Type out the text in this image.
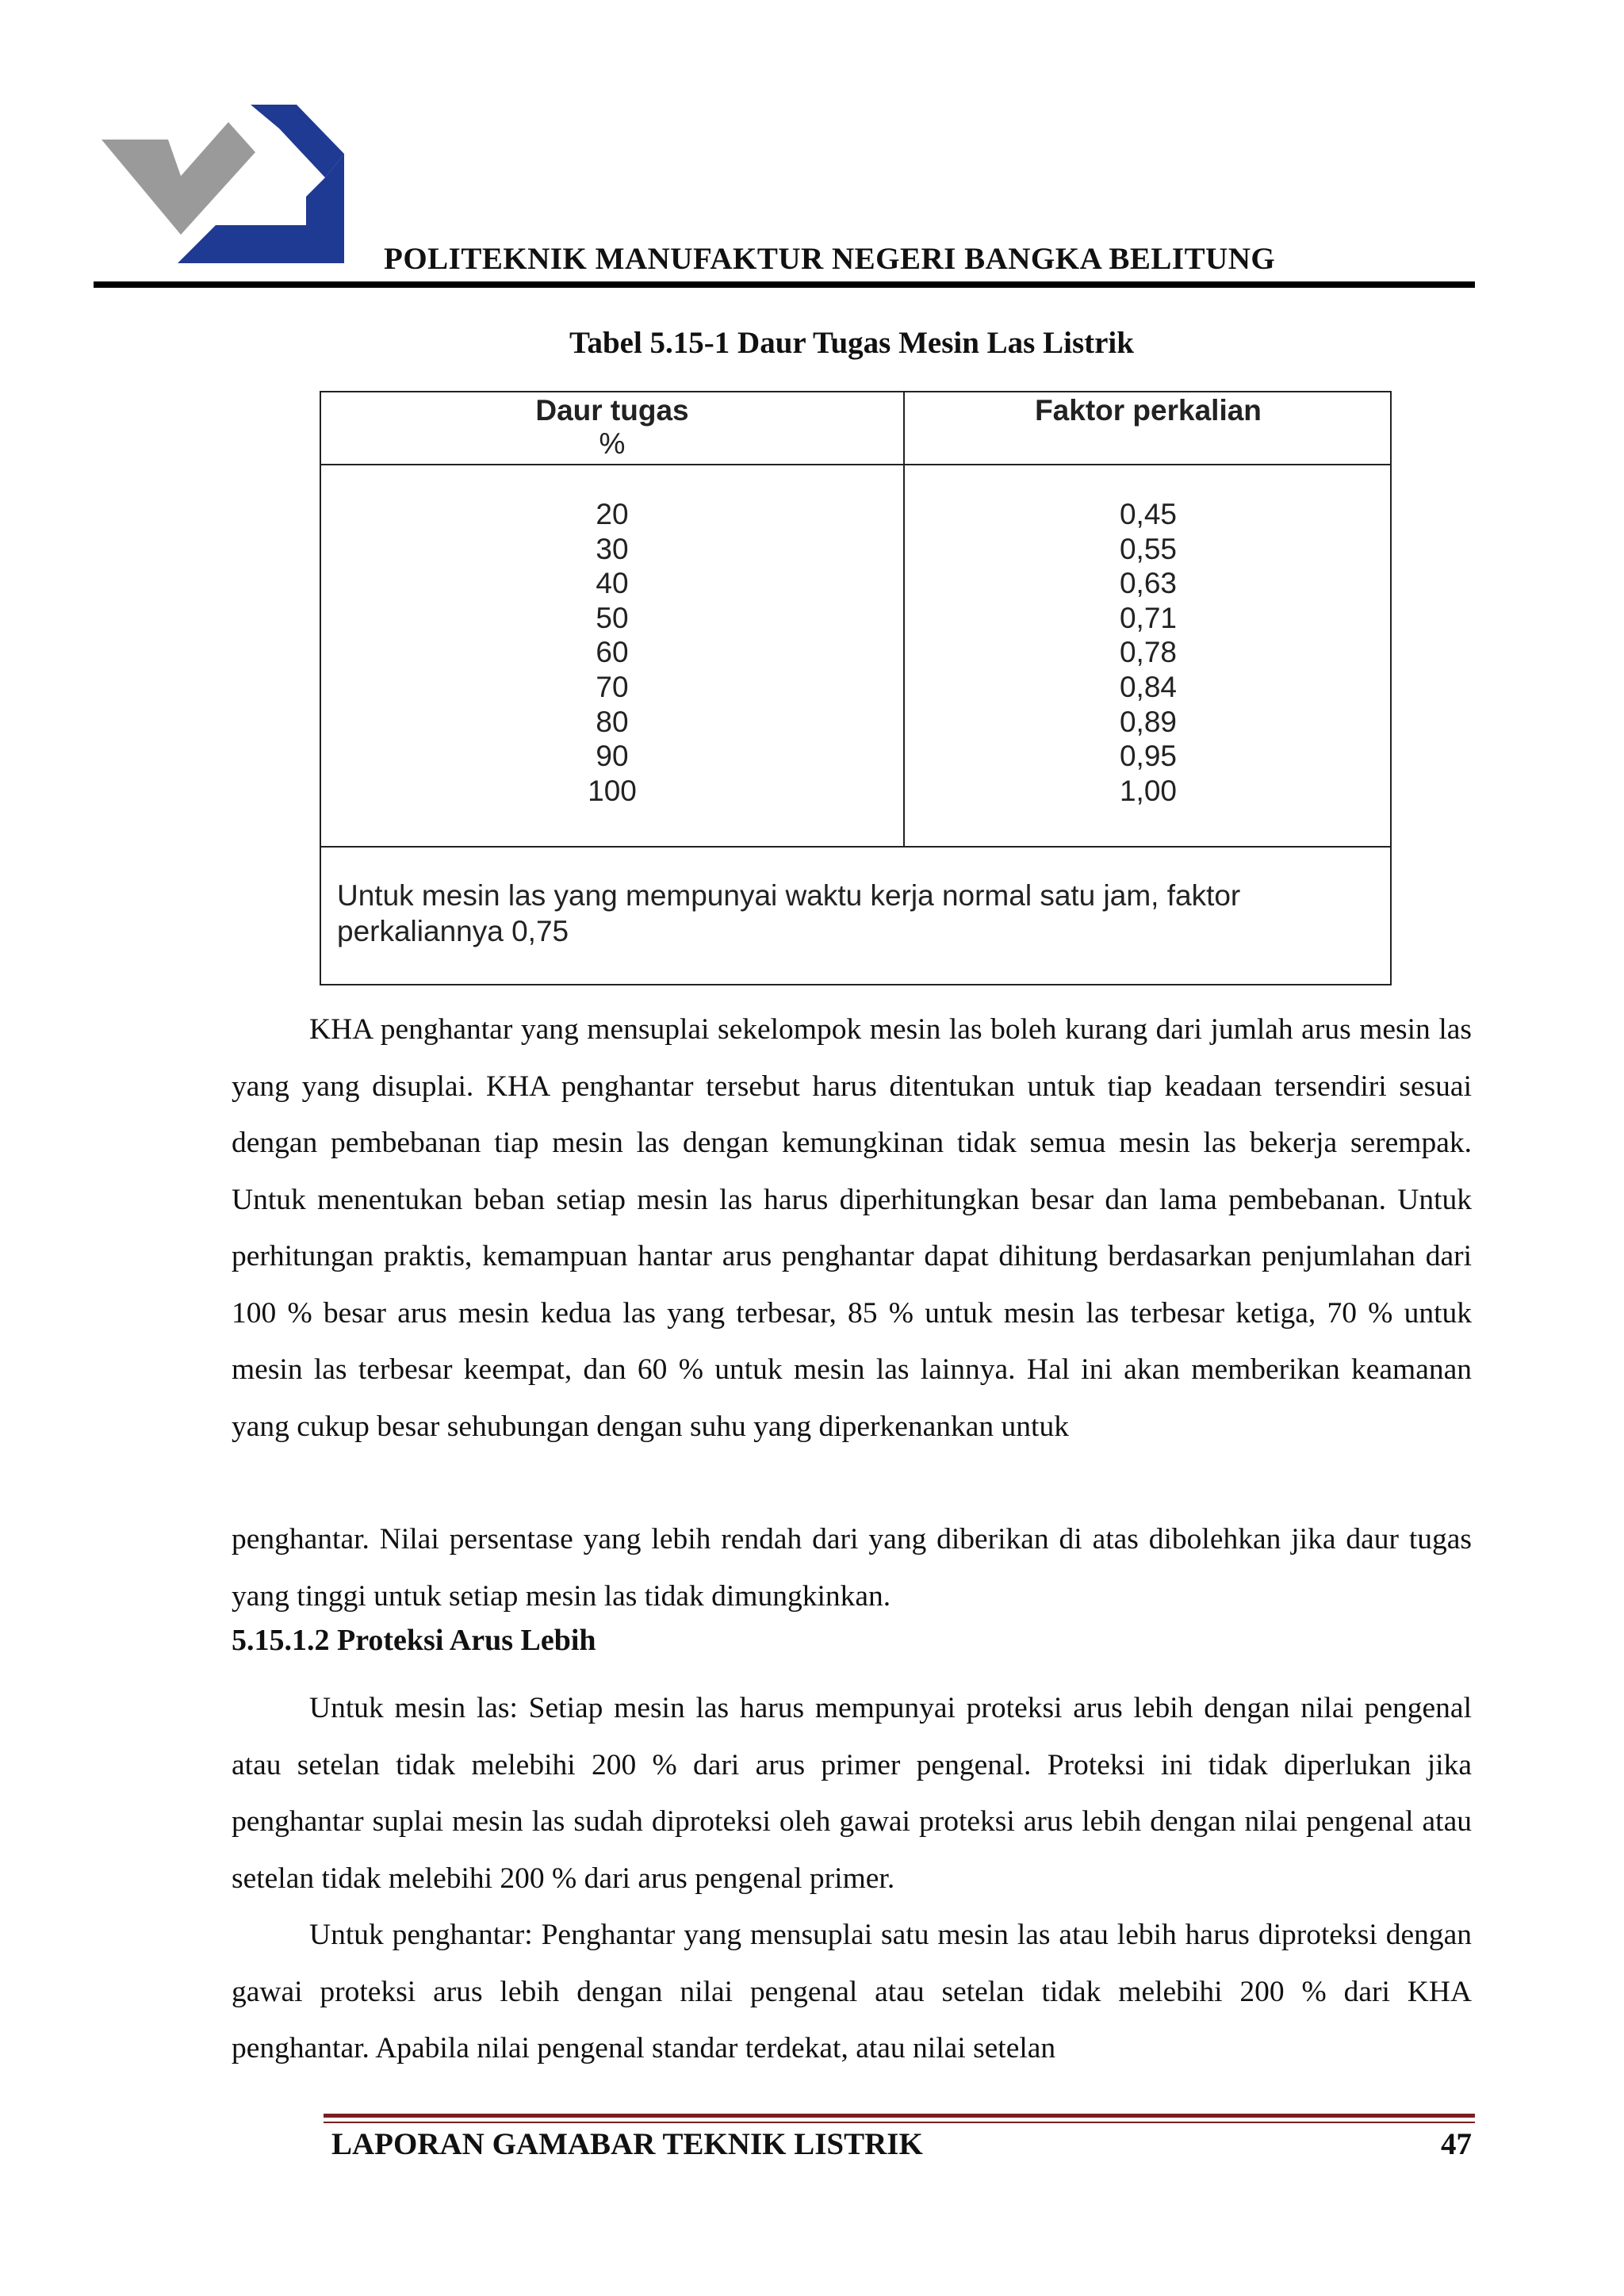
POLITEKNIK MANUFAKTUR NEGERI BANGKA BELITUNG
Tabel 5.15-1 Daur Tugas Mesin Las Listrik
Daur tugas
%
Faktor perkalian
20
30
40
50
60
70
80
90
100
0,45
0,55
0,63
0,71
0,78
0,84
0,89
0,95
1,00
Untuk mesin las yang mempunyai waktu kerja normal satu jam, faktor perkaliannya 0,75

KHA penghantar yang mensuplai sekelompok mesin las boleh kurang dari jumlah arus mesin las yang yang disuplai. KHA penghantar tersebut harus ditentukan untuk tiap keadaan tersendiri sesuai dengan pembebanan tiap mesin las dengan kemungkinan tidak semua mesin las bekerja serempak. Untuk menentukan beban setiap mesin las harus diperhitungkan besar dan lama pembebanan. Untuk perhitungan praktis, kemampuan hantar arus penghantar dapat dihitung berdasarkan penjumlahan dari 100 % besar arus mesin kedua las yang terbesar, 85 % untuk mesin las terbesar ketiga, 70 % untuk mesin las terbesar keempat, dan 60 % untuk mesin las lainnya. Hal ini akan memberikan keamanan yang cukup besar sehubungan dengan suhu yang diperkenankan untuk

penghantar. Nilai persentase yang lebih rendah dari yang diberikan di atas dibolehkan jika daur tugas yang tinggi untuk setiap mesin las tidak dimungkinkan.

5.15.1.2 Proteksi Arus Lebih

Untuk mesin las: Setiap mesin las harus mempunyai proteksi arus lebih dengan nilai pengenal atau setelan tidak melebihi 200 % dari arus primer pengenal. Proteksi ini tidak diperlukan jika penghantar suplai mesin las sudah diproteksi oleh gawai proteksi arus lebih dengan nilai pengenal atau setelan tidak melebihi 200 % dari arus pengenal primer.

Untuk penghantar: Penghantar yang mensuplai satu mesin las atau lebih harus diproteksi dengan gawai proteksi arus lebih dengan nilai pengenal atau setelan tidak melebihi 200 % dari KHA penghantar. Apabila nilai pengenal standar terdekat, atau nilai setelan

LAPORAN GAMABAR TEKNIK LISTRIK	47
